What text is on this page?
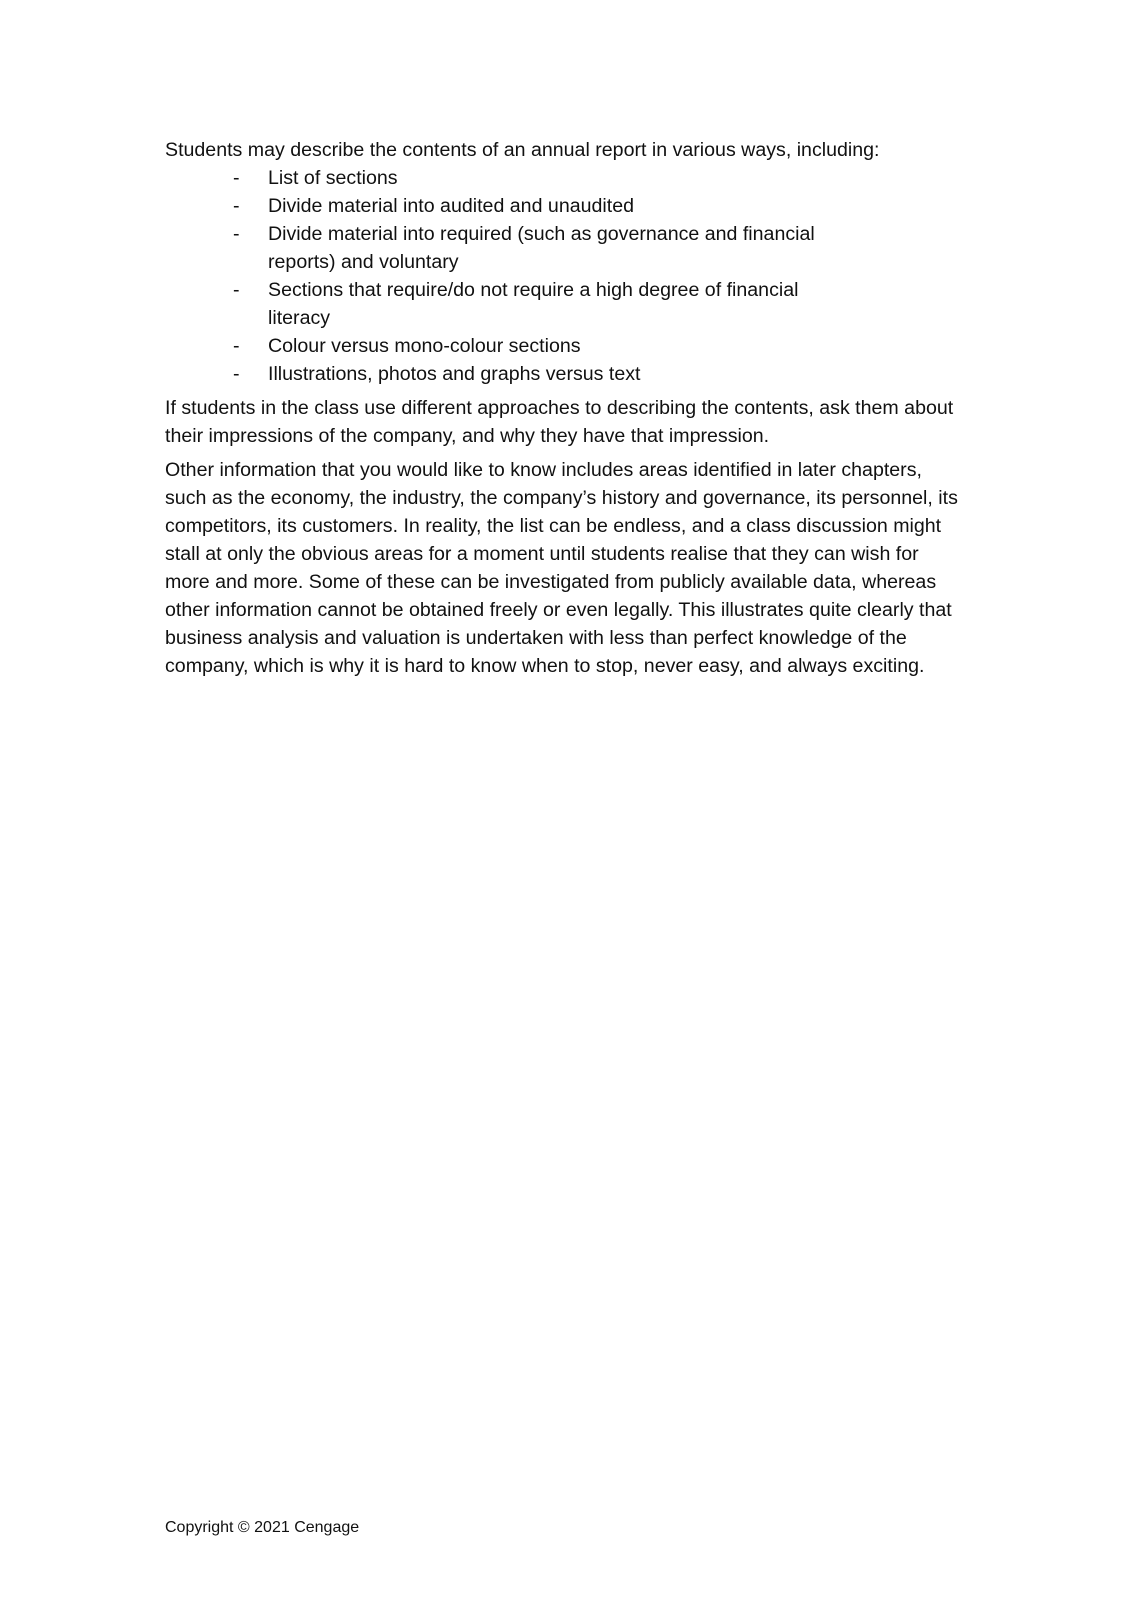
Students may describe the contents of an annual report in various ways, including:

- List of sections
- Divide material into audited and unaudited
- Divide material into required (such as governance and financial reports) and voluntary
- Sections that require/do not require a high degree of financial literacy
- Colour versus mono-colour sections
- Illustrations, photos and graphs versus text

If students in the class use different approaches to describing the contents, ask them about their impressions of the company, and why they have that impression.

Other information that you would like to know includes areas identified in later chapters, such as the economy, the industry, the company’s history and governance, its personnel, its competitors, its customers. In reality, the list can be endless, and a class discussion might stall at only the obvious areas for a moment until students realise that they can wish for more and more. Some of these can be investigated from publicly available data, whereas other information cannot be obtained freely or even legally. This illustrates quite clearly that business analysis and valuation is undertaken with less than perfect knowledge of the company, which is why it is hard to know when to stop, never easy, and always exciting.

Copyright © 2021 Cengage
